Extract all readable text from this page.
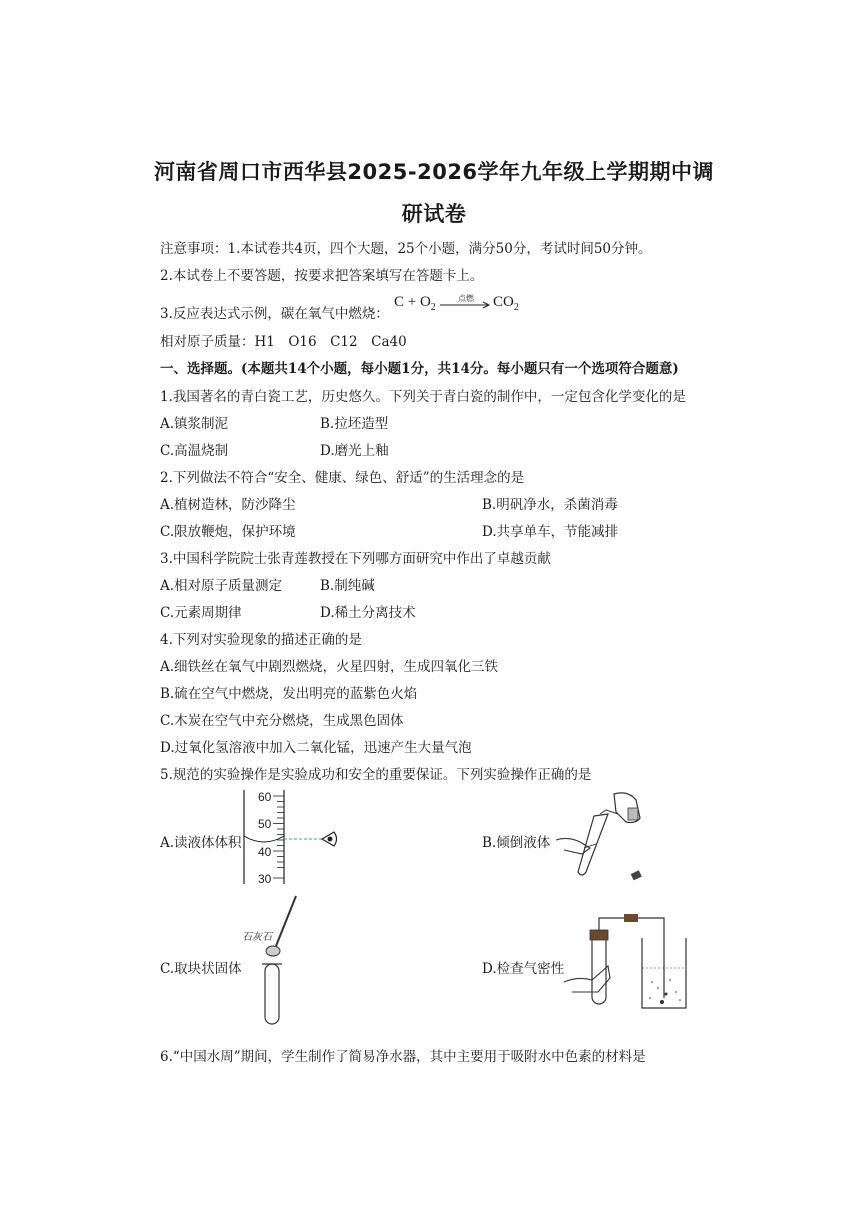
河南省周口市西华县2025-2026学年九年级上学期期中调
研试卷
注意事项：1.本试卷共4页，四个大题，25个小题，满分50分，考试时间50分钟。
2.本试卷上不要答题，按要求把答案填写在答题卡上。
3.反应表达式示例，碳在氧气中燃烧：
$C + O_2$
点燃 → $CO_2$
相对原子质量：H1　O16　C12　Ca40
一、选择题。(本题共14个小题，每小题1分，共14分。每小题只有一个选项符合题意)
1.我国著名的青白瓷工艺，历史悠久。下列关于青白瓷的制作中，一定包含化学变化的是
A.镇浆制泥	B.拉坯造型
C.高温烧制	D.磨光上釉
2.下列做法不符合“安全、健康、绿色、舒适”的生活理念的是
A.植树造林，防沙降尘	B.明矾净水，杀菌消毒
C.限放鞭炮，保护环境	D.共享单车，节能减排
3.中国科学院院士张青莲教授在下列哪方面研究中作出了卓越贡献
A.相对原子质量测定	B.制纯碱
C.元素周期律	D.稀土分离技术
4.下列对实验现象的描述正确的是
A.细铁丝在氧气中剧烈燃烧，火星四射，生成四氧化三铁
B.硫在空气中燃烧，发出明亮的蓝紫色火焰
C.木炭在空气中充分燃烧，生成黑色固体
D.过氧化氢溶液中加入二氧化锰，迅速产生大量气泡
5.规范的实验操作是实验成功和安全的重要保证。下列实验操作正确的是
A.读液体体积
60
50
40
30
B.倾倒液体
C.取块状固体
石灰石
D.检查气密性
6.“中国水周”期间，学生制作了简易净水器，其中主要用于吸附水中色素的材料是
